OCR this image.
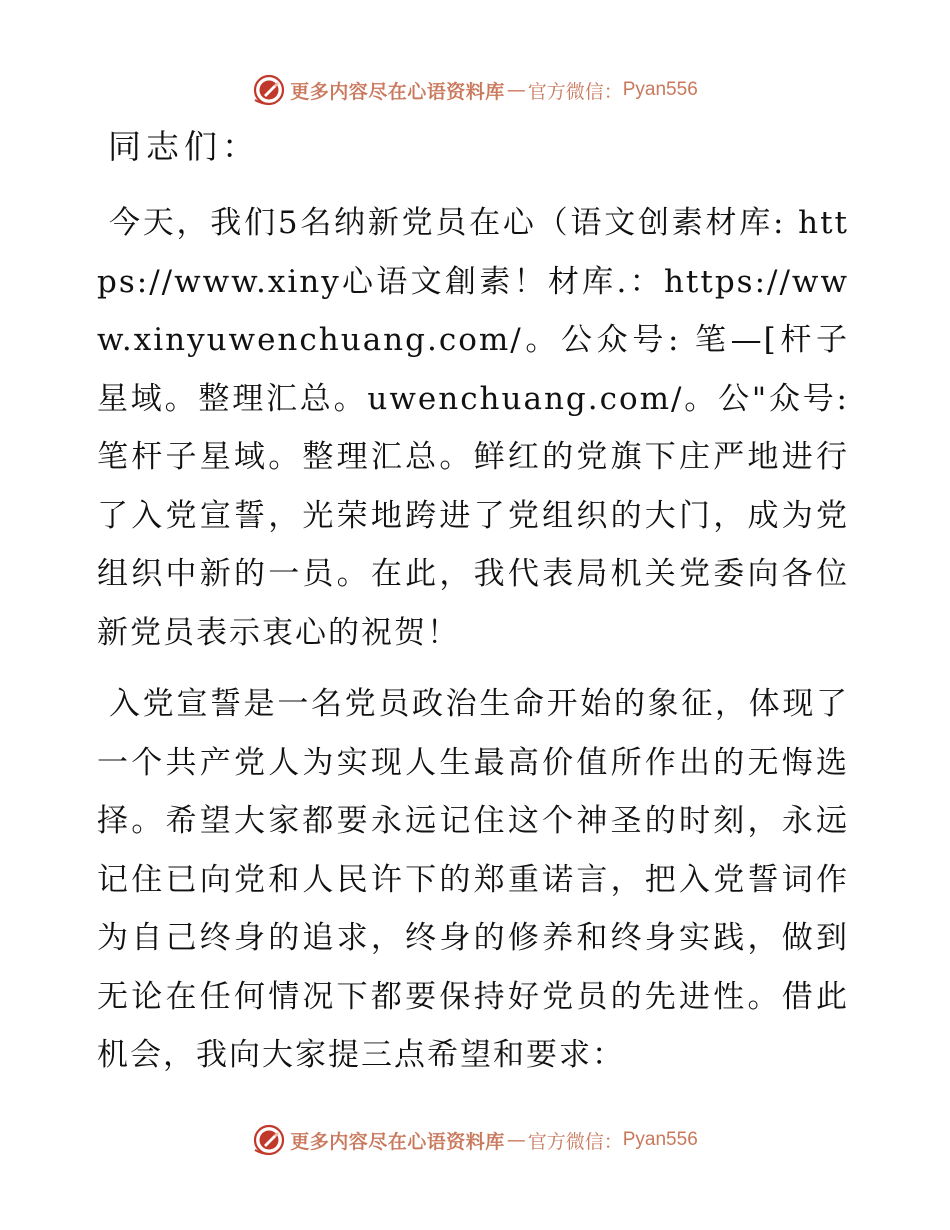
更多内容尽在心语资料库 — 官方微信： Pyan556
同志们：

今天，我们5名纳新党员在心（语文创素材库: https://www.xiny心语文創素！材库.：https://www.xinyuwenchuang.com/。公众号: 笔—[杆子星域。整理汇总。uwenchuang.com/。公"众号: 笔杆子星域。整理汇总。鲜红的党旗下庄严地进行了入党宣誓，光荣地跨进了党组织的大门，成为党组织中新的一员。在此，我代表局机关党委向各位新党员表示衷心的祝贺！

入党宣誓是一名党员政治生命开始的象征，体现了一个共产党人为实现人生最高价值所作出的无悔选择。希望大家都要永远记住这个神圣的时刻，永远记住已向党和人民许下的郑重诺言，把入党誓词作为自己终身的追求，终身的修养和终身实践，做到无论在任何情况下都要保持好党员的先进性。借此机会，我向大家提三点希望和要求：

更多内容尽在心语资料库 — 官方微信： Pyan556
